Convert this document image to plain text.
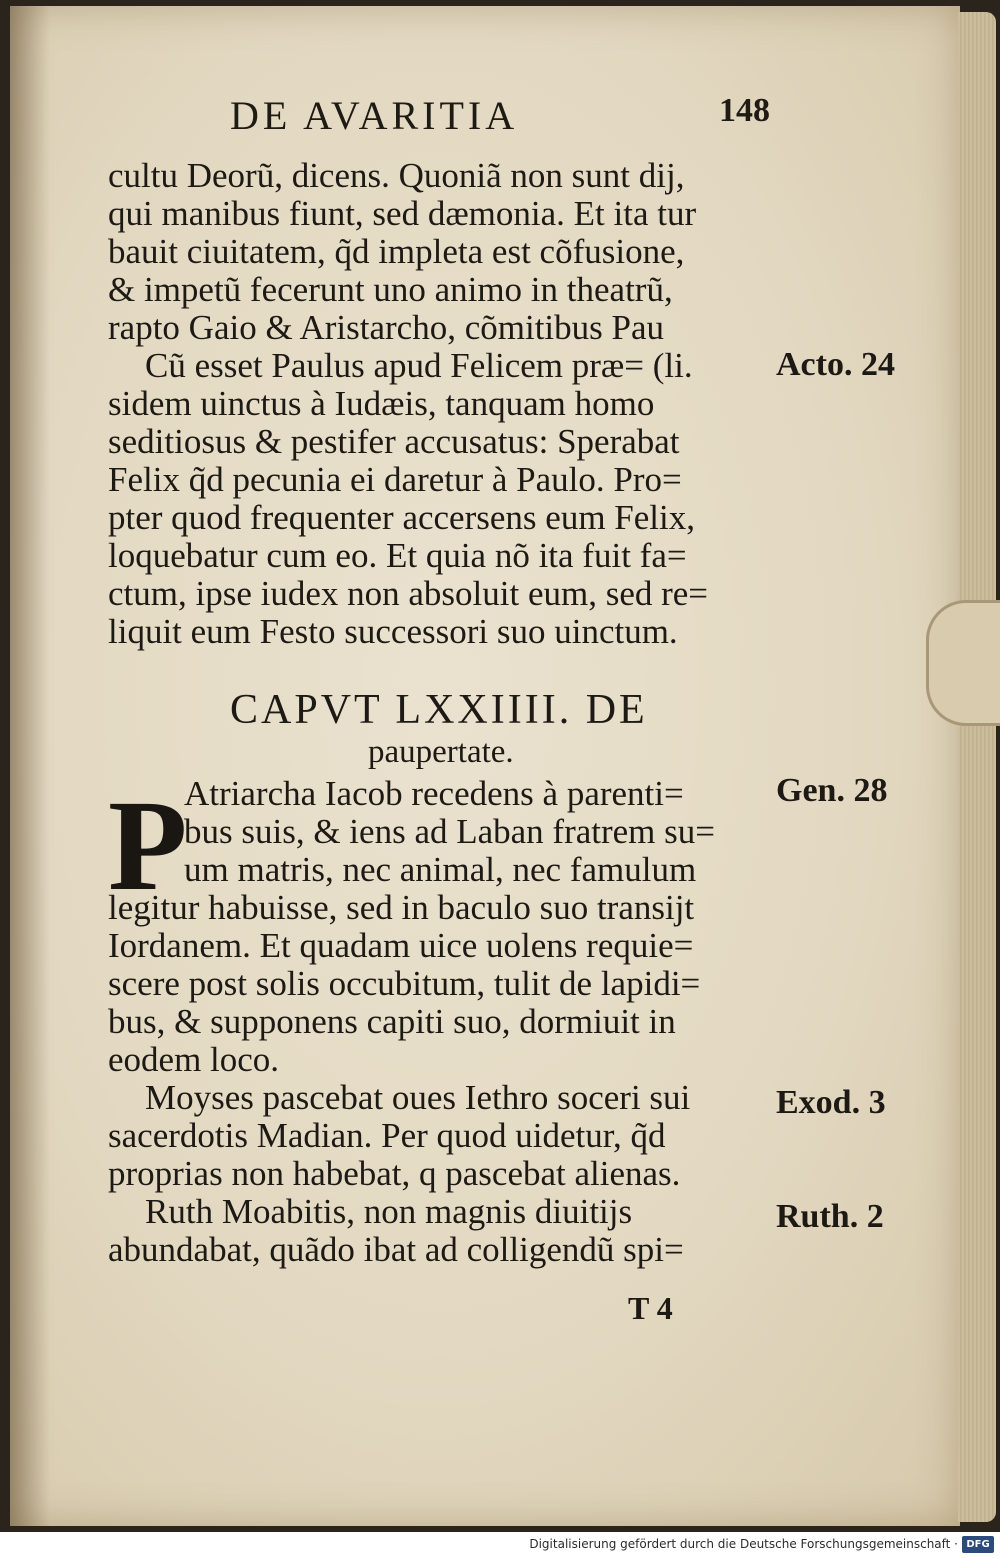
DE AVARITIA	148
cultu Deorũ, dicens. Quoniã non sunt dij,
qui manibus fiunt, sed dæmonia. Et ita tur
bauit ciuitatem, q̃d impleta est cõfusione,
& impetũ fecerunt uno animo in theatrũ,
rapto Gaio & Aristarcho, cõmitibus Pau
Cũ esset Paulus apud Felicem præ= (li.
sidem uinctus à Iudæis, tanquam homo
seditiosus & pestifer accusatus: Sperabat
Felix q̃d pecunia ei daretur à Paulo. Pro=
pter quod frequenter accersens eum Felix,
loquebatur cum eo. Et quia nõ ita fuit fa=
ctum, ipse iudex non absoluit eum, sed re=
liquit eum Festo successori suo uinctum.
CAPVT LXXIIII. DE
paupertate.
P
Atriarcha Iacob recedens à parenti=
bus suis, & iens ad Laban fratrem su=
um matris, nec animal, nec famulum
legitur habuisse, sed in baculo suo transijt
Iordanem. Et quadam uice uolens requie=
scere post solis occubitum, tulit de lapidi=
bus, & supponens capiti suo, dormiuit in
eodem loco.
Moyses pascebat oues Iethro soceri sui
sacerdotis Madian. Per quod uidetur, q̃d
proprias non habebat, q pascebat alienas.
Ruth Moabitis, non magnis diuitijs
abundabat, quãdo ibat ad colligendũ spi=
Acto. 24
Gen. 28
Exod. 3
Ruth. 2
T 4
Digitalisierung gefördert durch die Deutsche Forschungsgemeinschaft · DFG
